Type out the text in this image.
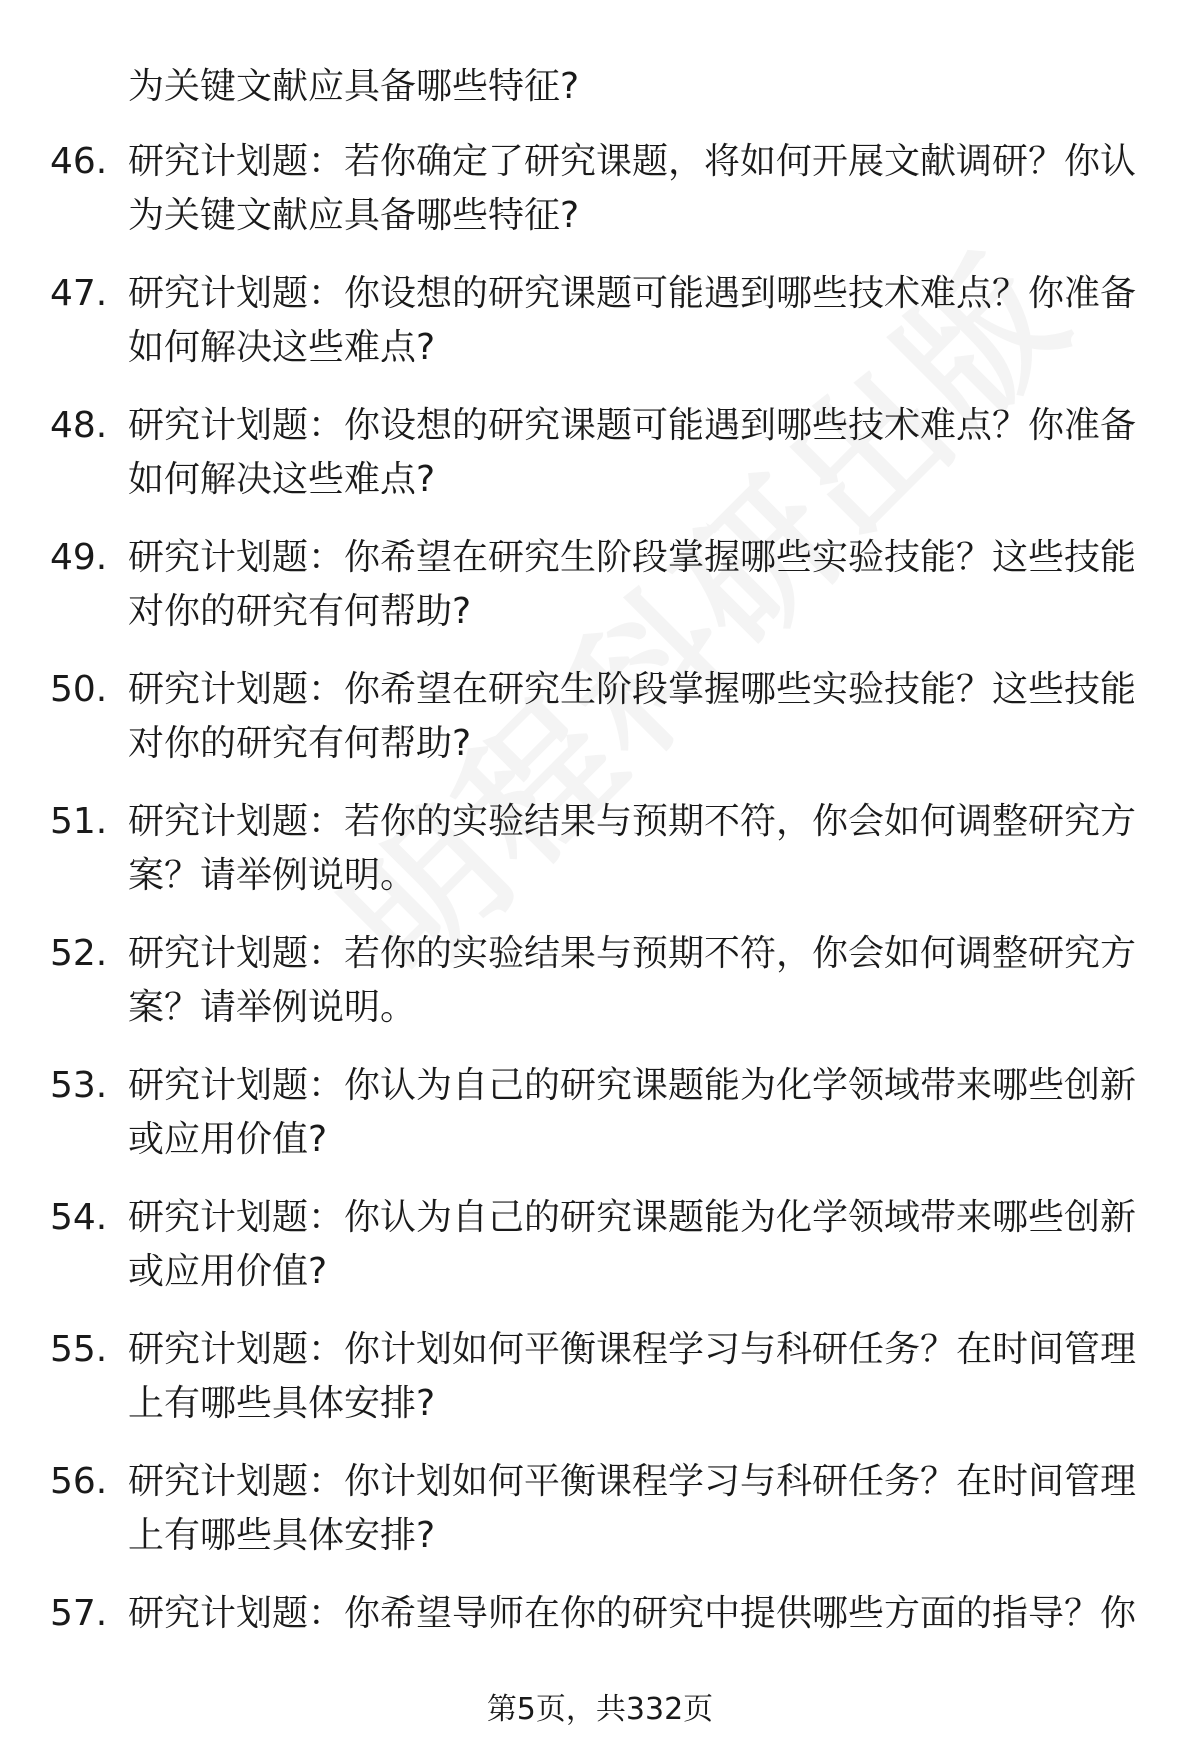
为关键文献应具备哪些特征?
46. 研究计划题：若你确定了研究课题，将如何开展文献调研？你认为关键文献应具备哪些特征?
47. 研究计划题：你设想的研究课题可能遇到哪些技术难点？你准备如何解决这些难点?
48. 研究计划题：你设想的研究课题可能遇到哪些技术难点？你准备如何解决这些难点?
49. 研究计划题：你希望在研究生阶段掌握哪些实验技能？这些技能对你的研究有何帮助?
50. 研究计划题：你希望在研究生阶段掌握哪些实验技能？这些技能对你的研究有何帮助?
51. 研究计划题：若你的实验结果与预期不符，你会如何调整研究方案？请举例说明。
52. 研究计划题：若你的实验结果与预期不符，你会如何调整研究方案？请举例说明。
53. 研究计划题：你认为自己的研究课题能为化学领域带来哪些创新或应用价值?
54. 研究计划题：你认为自己的研究课题能为化学领域带来哪些创新或应用价值?
55. 研究计划题：你计划如何平衡课程学习与科研任务？在时间管理上有哪些具体安排?
56. 研究计划题：你计划如何平衡课程学习与科研任务？在时间管理上有哪些具体安排?
57. 研究计划题：你希望导师在你的研究中提供哪些方面的指导？你
第5页，共332页
